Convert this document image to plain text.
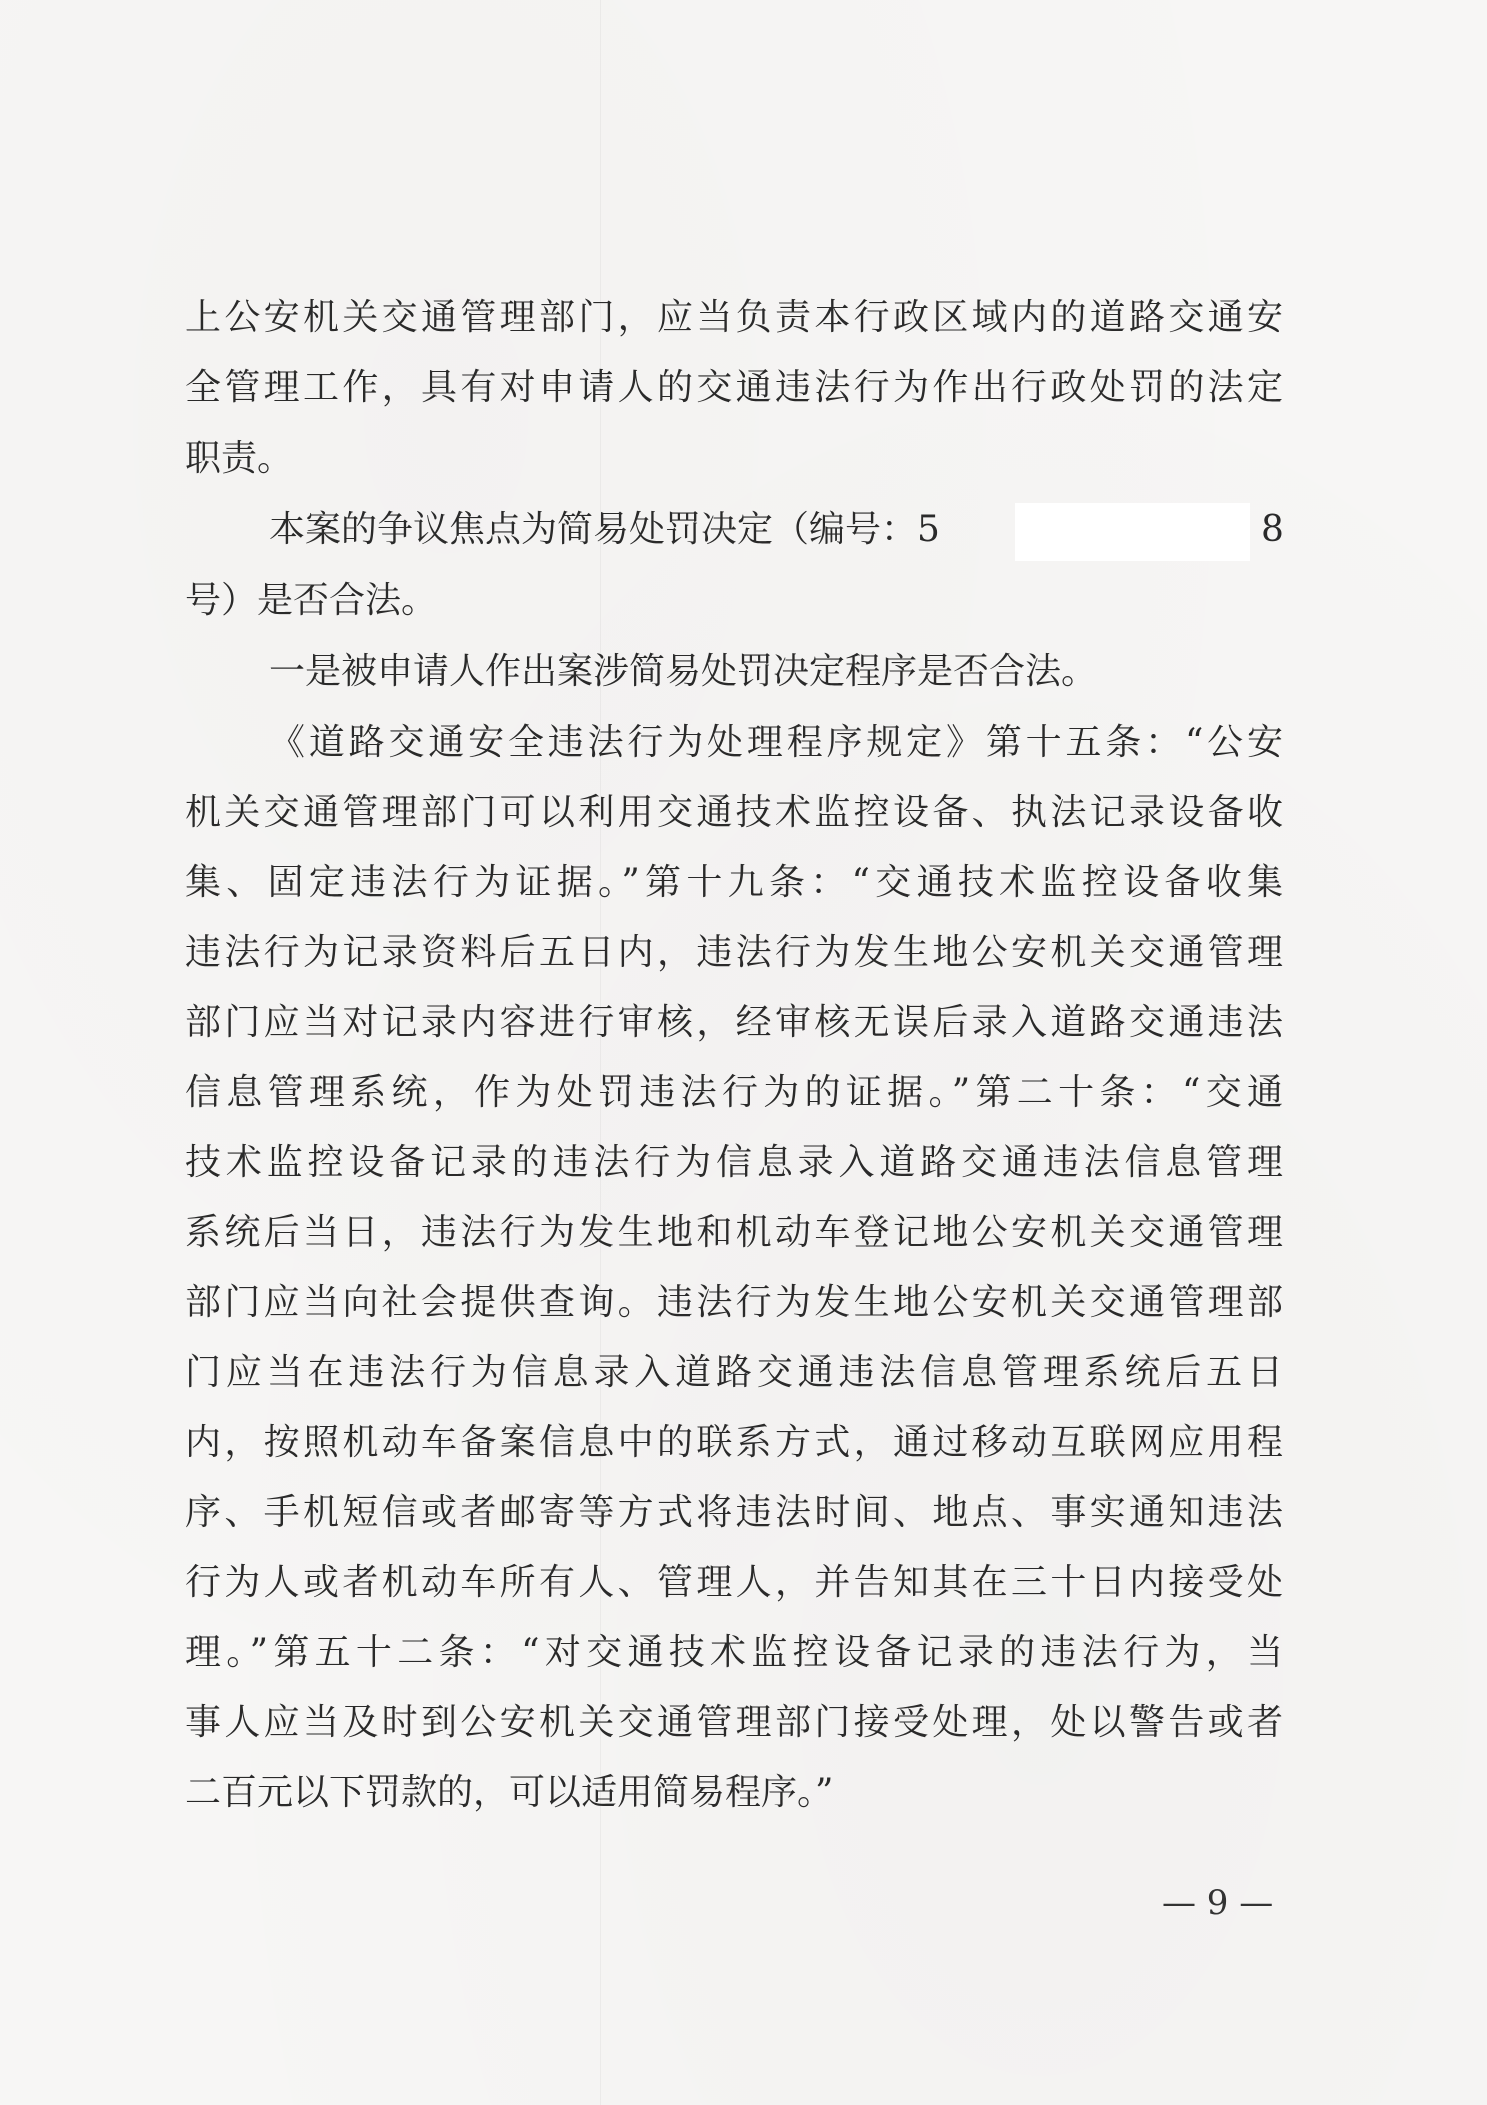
上公安机关交通管理部门，应当负责本行政区域内的道路交通安
全管理工作，具有对申请人的交通违法行为作出行政处罚的法定
职责。
本案的争议焦点为简易处罚决定（编号：5	8
号）是否合法。
一是被申请人作出案涉简易处罚决定程序是否合法。
《道路交通安全违法行为处理程序规定》第十五条：“公安
机关交通管理部门可以利用交通技术监控设备、执法记录设备收
集、固定违法行为证据。”第十九条：“交通技术监控设备收集
违法行为记录资料后五日内，违法行为发生地公安机关交通管理
部门应当对记录内容进行审核，经审核无误后录入道路交通违法
信息管理系统，作为处罚违法行为的证据。”第二十条：“交通
技术监控设备记录的违法行为信息录入道路交通违法信息管理
系统后当日，违法行为发生地和机动车登记地公安机关交通管理
部门应当向社会提供查询。违法行为发生地公安机关交通管理部
门应当在违法行为信息录入道路交通违法信息管理系统后五日
内，按照机动车备案信息中的联系方式，通过移动互联网应用程
序、手机短信或者邮寄等方式将违法时间、地点、事实通知违法
行为人或者机动车所有人、管理人，并告知其在三十日内接受处
理。”第五十二条：“对交通技术监控设备记录的违法行为，当
事人应当及时到公安机关交通管理部门接受处理，处以警告或者
二百元以下罚款的，可以适用简易程序。”
— 9 —
